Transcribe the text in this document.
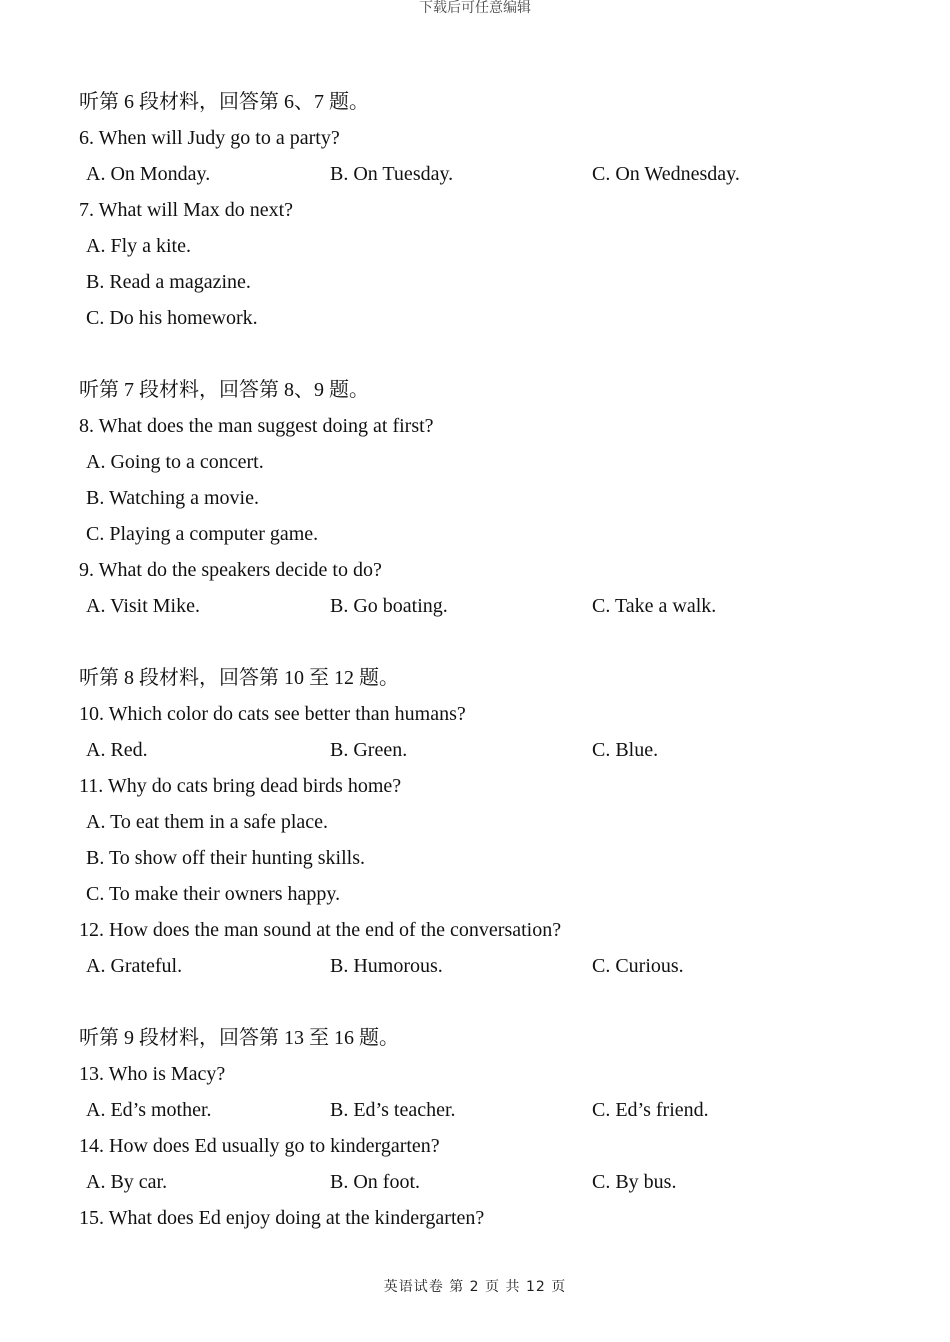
下载后可任意编辑
听第 6 段材料，回答第 6、7 题。
6. When will Judy go to a party?
A. On Monday.	B. On Tuesday.	C. On Wednesday.
7. What will Max do next?
A. Fly a kite.
B. Read a magazine.
C. Do his homework.
听第 7 段材料，回答第 8、9 题。
8. What does the man suggest doing at first?
A. Going to a concert.
B. Watching a movie.
C. Playing a computer game.
9. What do the speakers decide to do?
A. Visit Mike.	B. Go boating.	C. Take a walk.
听第 8 段材料，回答第 10 至 12 题。
10. Which color do cats see better than humans?
A. Red.	B. Green.	C. Blue.
11. Why do cats bring dead birds home?
A. To eat them in a safe place.
B. To show off their hunting skills.
C. To make their owners happy.
12. How does the man sound at the end of the conversation?
A. Grateful.	B. Humorous.	C. Curious.
听第 9 段材料，回答第 13 至 16 题。
13. Who is Macy?
A. Ed’s mother.	B. Ed’s teacher.	C. Ed’s friend.
14. How does Ed usually go to kindergarten?
A. By car.	B. On foot.	C. By bus.
15. What does Ed enjoy doing at the kindergarten?
英语试卷 第 2 页 共 12 页
